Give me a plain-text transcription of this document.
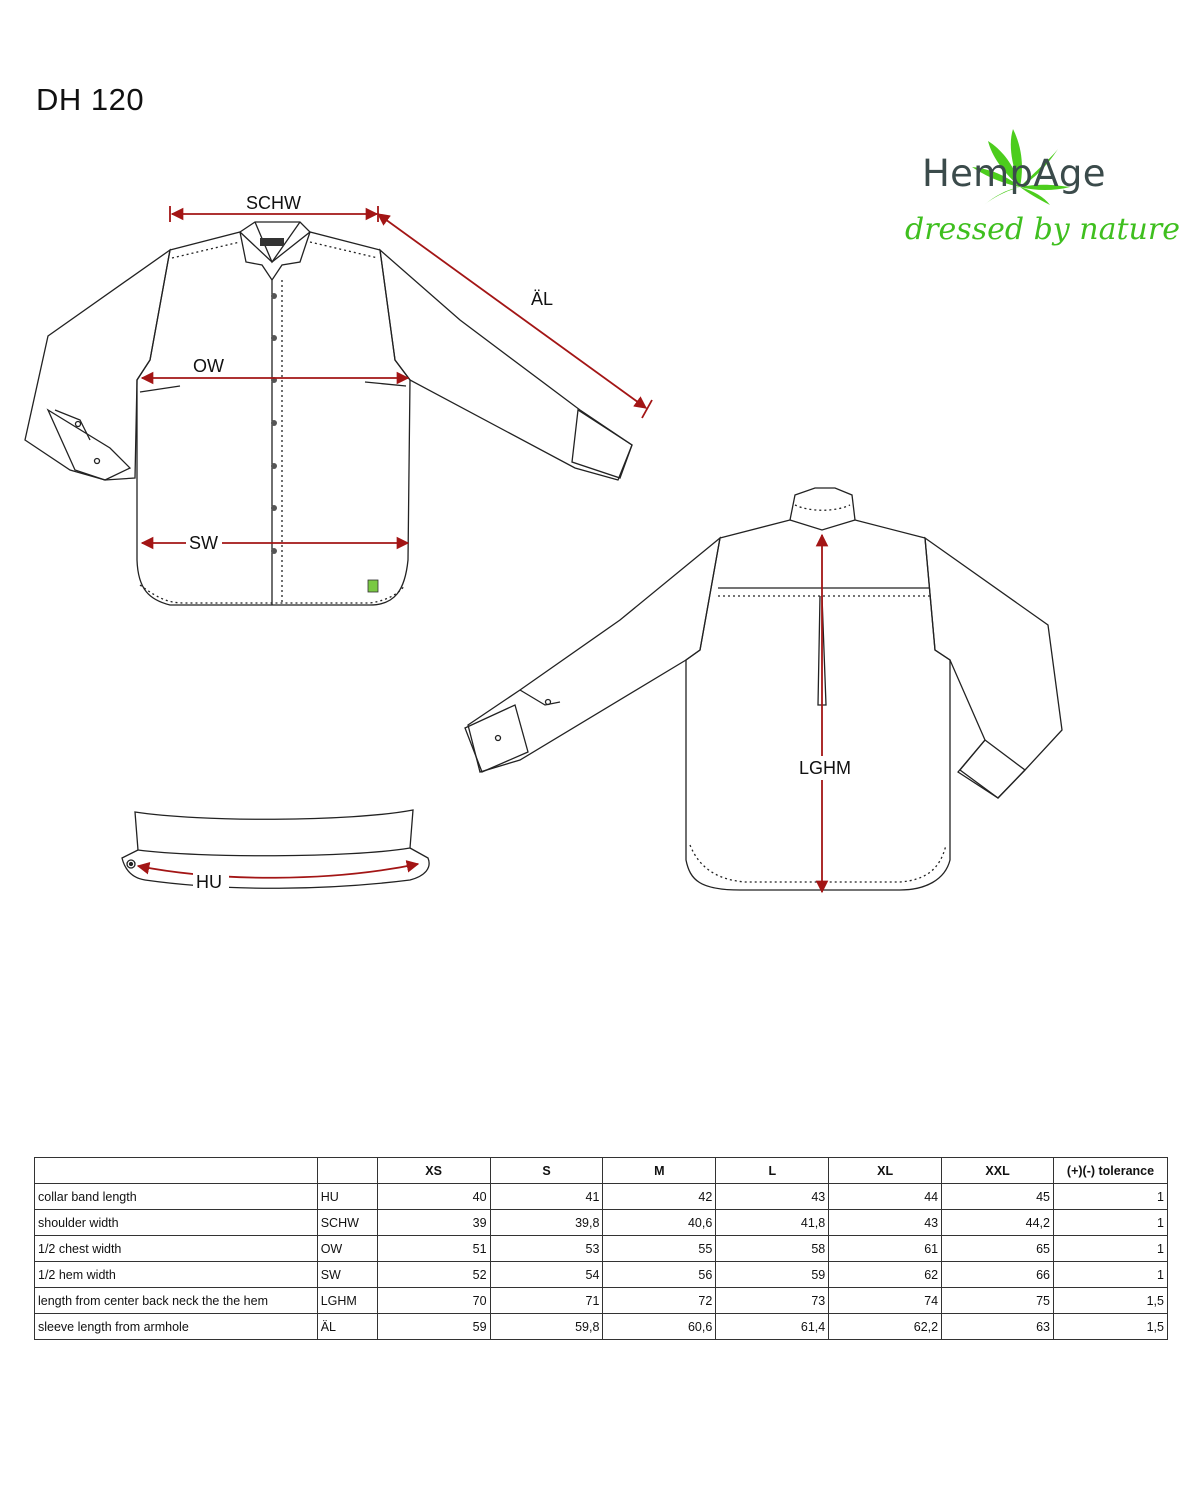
DH 120
HempAge
dressed by nature
SCHW
ÄL
OW
SW
LGHM
HU
		XS	S	M	L	XL	XXL	(+)(-) tolerance
collar band length	HU	40	41	42	43	44	45	1
shoulder width	SCHW	39	39,8	40,6	41,8	43	44,2	1
1/2 chest width	OW	51	53	55	58	61	65	1
1/2 hem width	SW	52	54	56	59	62	66	1
length from center back neck the the hem	LGHM	70	71	72	73	74	75	1,5
sleeve length from armhole	ÄL	59	59,8	60,6	61,4	62,2	63	1,5
